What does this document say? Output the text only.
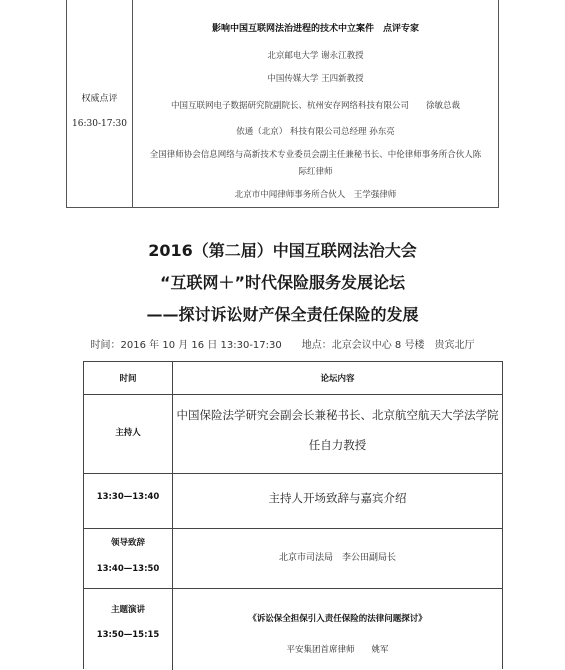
权威点评
16:30-17:30
影响中国互联网法治进程的技术中立案件　点评专家
北京邮电大学 谢永江教授
中国传媒大学 王四新教授
中国互联网电子数据研究院副院长、杭州安存网络科技有限公司　　徐敏总裁
依通（北京） 科技有限公司总经理 孙东亮
全国律师协会信息网络与高新技术专业委员会副主任兼秘书长、中伦律师事务所合伙人陈
际红律师
北京市中闻律师事务所合伙人　王学强律师
2016（第二届）中国互联网法治大会
“互联网＋”时代保险服务发展论坛
——探讨诉讼财产保全责任保险的发展
时间：2016 年 10 月 16 日 13:30-17:30　　地点：北京会议中心 8 号楼　贵宾北厅
时间	论坛内容
主持人
中国保险法学研究会副会长兼秘书长、北京航空航天大学法学院
任自力教授
13:30—13:40	主持人开场致辞与嘉宾介绍
领导致辞
13:40—13:50
北京市司法局　李公田副局长
主题演讲
13:50—15:15
《诉讼保全担保引入责任保险的法律问题探讨》
平安集团首席律师　　姚军
